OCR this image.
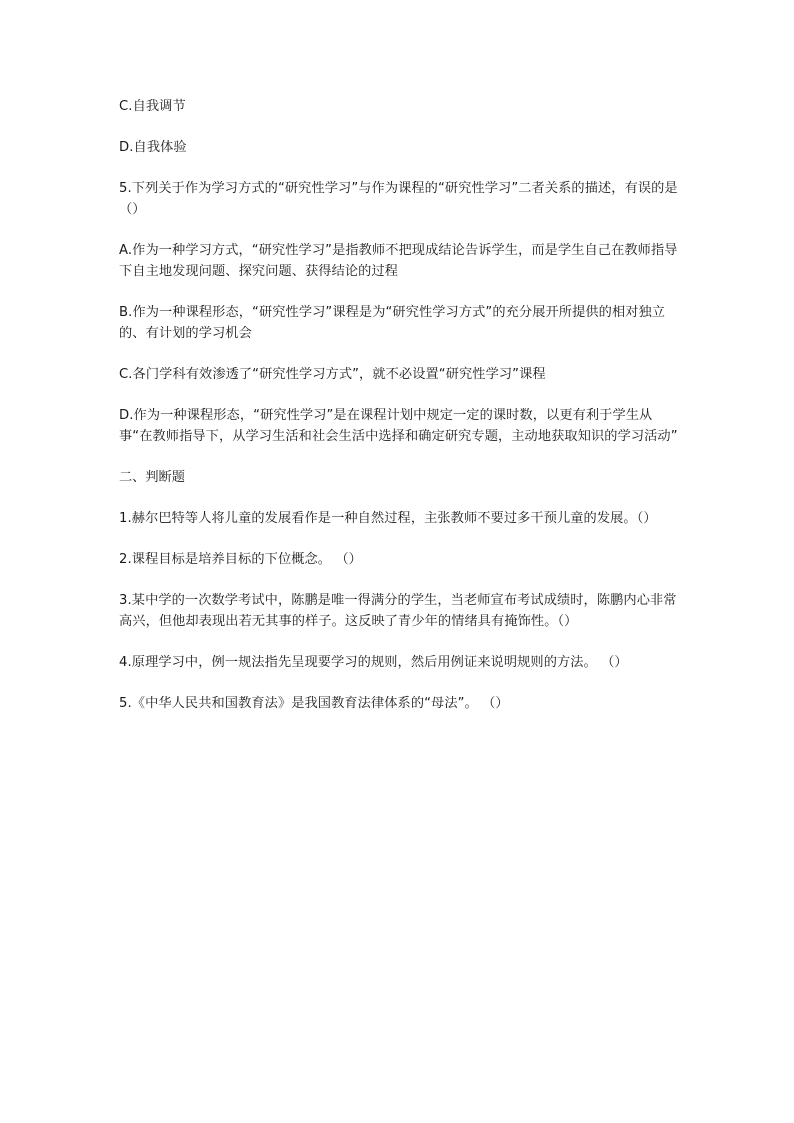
C.自我调节

D.自我体验

5.下列关于作为学习方式的“研究性学习”与作为课程的“研究性学习”二者关系的描述，有误的是（）

A.作为一种学习方式，“研究性学习”是指教师不把现成结论告诉学生，而是学生自己在教师指导下自主地发现问题、探究问题、获得结论的过程

B.作为一种课程形态，“研究性学习”课程是为“研究性学习方式”的充分展开所提供的相对独立的、有计划的学习机会

C.各门学科有效渗透了“研究性学习方式”，就不必设置“研究性学习”课程

D.作为一种课程形态，“研究性学习”是在课程计划中规定一定的课时数，以更有利于学生从事“在教师指导下，从学习生活和社会生活中选择和确定研究专题，主动地获取知识的学习活动”

二、判断题

1.赫尔巴特等人将儿童的发展看作是一种自然过程，主张教师不要过多干预儿童的发展。（）

2.课程目标是培养目标的下位概念。 （）

3.某中学的一次数学考试中，陈鹏是唯一得满分的学生，当老师宣布考试成绩时，陈鹏内心非常高兴，但他却表现出若无其事的样子。这反映了青少年的情绪具有掩饰性。（）

4.原理学习中，例一规法指先呈现要学习的规则，然后用例证来说明规则的方法。 （）

5.《中华人民共和国教育法》是我国教育法律体系的“母法”。 （）
